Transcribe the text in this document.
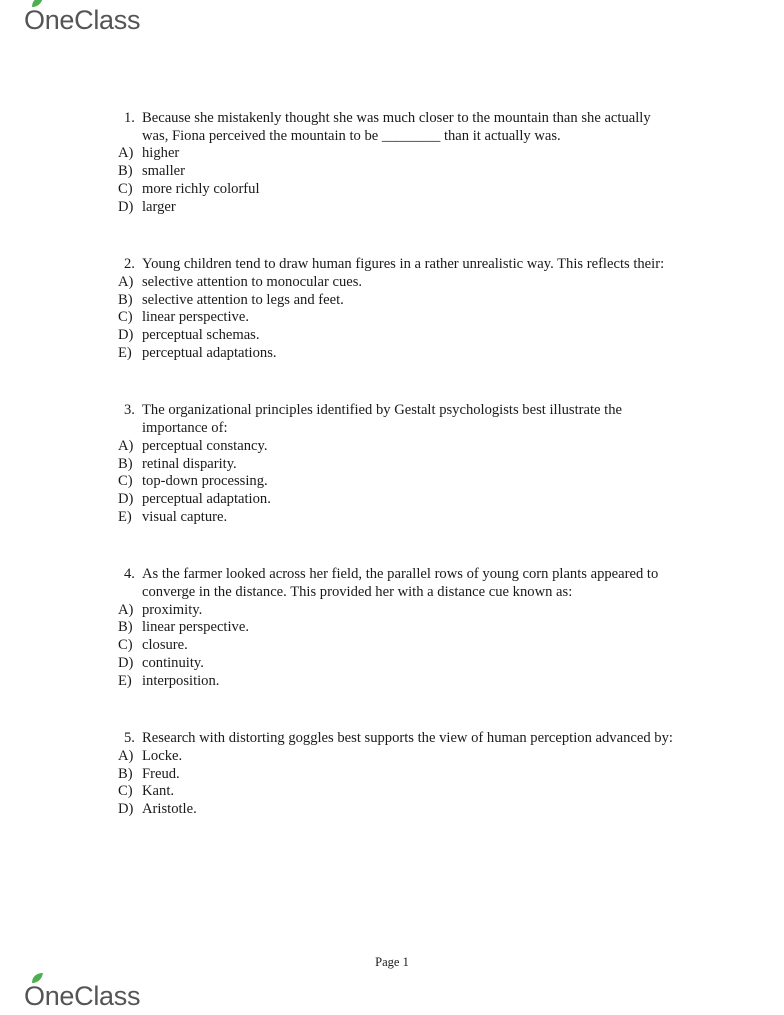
OneClass
1. Because she mistakenly thought she was much closer to the mountain than she actually was, Fiona perceived the mountain to be ________ than it actually was.
A) higher
B) smaller
C) more richly colorful
D) larger
2. Young children tend to draw human figures in a rather unrealistic way. This reflects their:
A) selective attention to monocular cues.
B) selective attention to legs and feet.
C) linear perspective.
D) perceptual schemas.
E) perceptual adaptations.
3. The organizational principles identified by Gestalt psychologists best illustrate the importance of:
A) perceptual constancy.
B) retinal disparity.
C) top-down processing.
D) perceptual adaptation.
E) visual capture.
4. As the farmer looked across her field, the parallel rows of young corn plants appeared to converge in the distance. This provided her with a distance cue known as:
A) proximity.
B) linear perspective.
C) closure.
D) continuity.
E) interposition.
5. Research with distorting goggles best supports the view of human perception advanced by:
A) Locke.
B) Freud.
C) Kant.
D) Aristotle.
Page 1
OneClass
